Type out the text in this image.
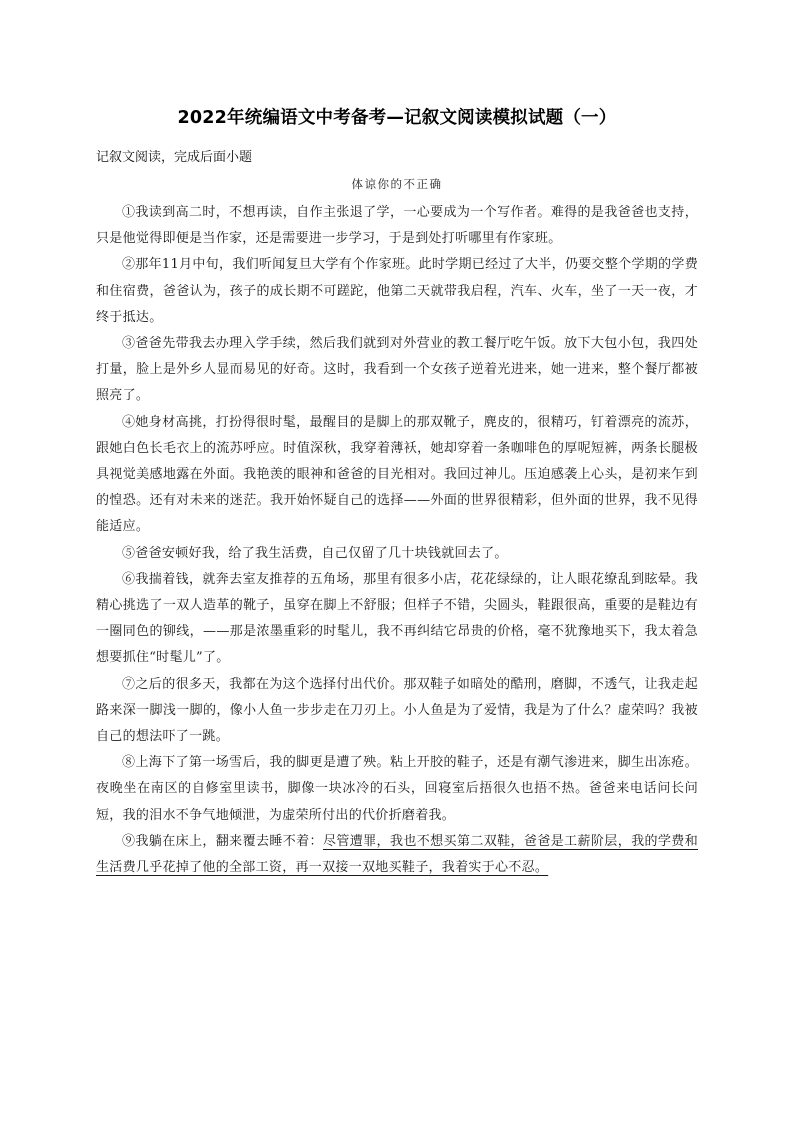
2022年统编语文中考备考—记叙文阅读模拟试题（一）
记叙文阅读，完成后面小题
体谅你的不正确

①我读到高二时，不想再读，自作主张退了学，一心要成为一个写作者。难得的是我爸爸也支持，只是他觉得即便是当作家，还是需要进一步学习，于是到处打听哪里有作家班。

②那年11月中旬，我们听闻复旦大学有个作家班。此时学期已经过了大半，仍要交整个学期的学费和住宿费，爸爸认为，孩子的成长期不可蹉跎，他第二天就带我启程，汽车、火车，坐了一天一夜，才终于抵达。

③爸爸先带我去办理入学手续，然后我们就到对外营业的教工餐厅吃午饭。放下大包小包，我四处打量，脸上是外乡人显而易见的好奇。这时，我看到一个女孩子逆着光进来，她一进来，整个餐厅都被照亮了。

④她身材高挑，打扮得很时髦，最醒目的是脚上的那双靴子，麂皮的，很精巧，钉着漂亮的流苏，跟她白色长毛衣上的流苏呼应。时值深秋，我穿着薄袄，她却穿着一条咖啡色的厚呢短裤，两条长腿极具视觉美感地露在外面。我艳羡的眼神和爸爸的目光相对。我回过神儿。压迫感袭上心头，是初来乍到的惶恐。还有对未来的迷茫。我开始怀疑自己的选择——外面的世界很精彩，但外面的世界，我不见得能适应。

⑤爸爸安顿好我，给了我生活费，自己仅留了几十块钱就回去了。

⑥我揣着钱，就奔去室友推荐的五角场，那里有很多小店，花花绿绿的，让人眼花缭乱到眩晕。我精心挑选了一双人造革的靴子，虽穿在脚上不舒服；但样子不错，尖圆头，鞋跟很高，重要的是鞋边有一圈同色的铆线，——那是浓墨重彩的时髦儿，我不再纠结它昂贵的价格，毫不犹豫地买下，我太着急想要抓住“时髦儿”了。

⑦之后的很多天，我都在为这个选择付出代价。那双鞋子如暗处的酷刑，磨脚，不透气，让我走起路来深一脚浅一脚的，像小人鱼一步步走在刀刃上。小人鱼是为了爱情，我是为了什么？虚荣吗？我被自己的想法吓了一跳。

⑧上海下了第一场雪后，我的脚更是遭了殃。粘上开胶的鞋子，还是有潮气渗进来，脚生出冻疮。夜晚坐在南区的自修室里读书，脚像一块冰冷的石头，回寝室后捂很久也捂不热。爸爸来电话问长问短，我的泪水不争气地倾泄，为虚荣所付出的代价折磨着我。

⑨我躺在床上，翻来覆去睡不着：尽管遭罪，我也不想买第二双鞋，爸爸是工薪阶层，我的学费和生活费几乎花掉了他的全部工资，再一双接一双地买鞋子，我着实于心不忍。
